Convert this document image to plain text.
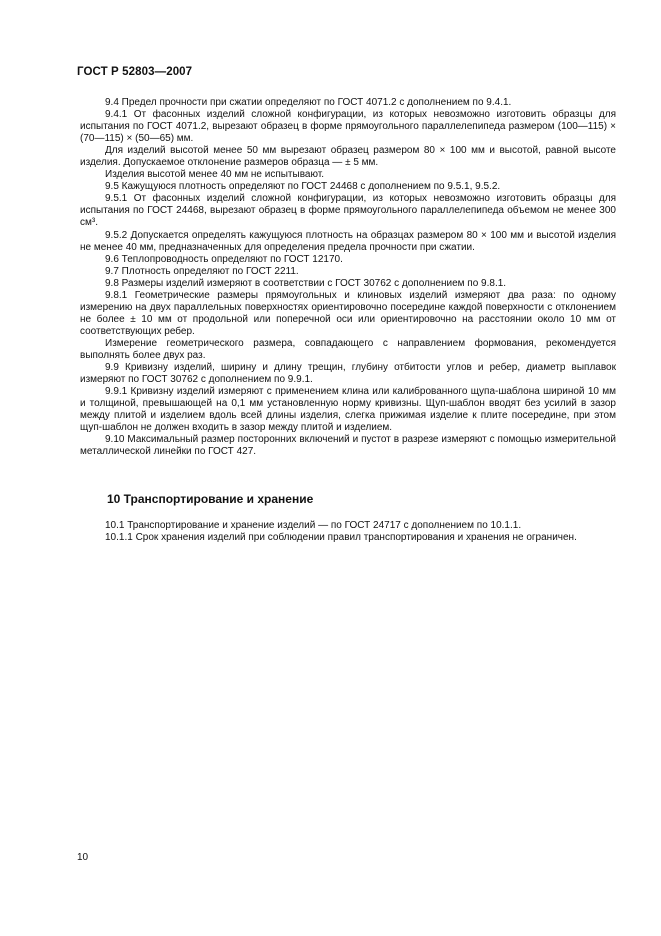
ГОСТ Р 52803—2007

9.4 Предел прочности при сжатии определяют по ГОСТ 4071.2 с дополнением по 9.4.1.

9.4.1 От фасонных изделий сложной конфигурации, из которых невозможно изготовить образцы для испытания по ГОСТ 4071.2, вырезают образец в форме прямоугольного параллелепипеда размером (100—115) × (70—115) × (50—65) мм.

Для изделий высотой менее 50 мм вырезают образец размером 80 × 100 мм и высотой, равной высоте изделия. Допускаемое отклонение размеров образца — ± 5 мм.

Изделия высотой менее 40 мм не испытывают.

9.5 Кажущуюся плотность определяют по ГОСТ 24468 с дополнением по 9.5.1, 9.5.2.

9.5.1 От фасонных изделий сложной конфигурации, из которых невозможно изготовить образцы для испытания по ГОСТ 24468, вырезают образец в форме прямоугольного параллелепипеда объемом не менее 300 см³.

9.5.2 Допускается определять кажущуюся плотность на образцах размером 80 × 100 мм и высотой изделия не менее 40 мм, предназначенных для определения предела прочности при сжатии.

9.6 Теплопроводность определяют по ГОСТ 12170.

9.7 Плотность определяют по ГОСТ 2211.

9.8 Размеры изделий измеряют в соответствии с ГОСТ 30762 с дополнением по 9.8.1.

9.8.1 Геометрические размеры прямоугольных и клиновых изделий измеряют два раза: по одному измерению на двух параллельных поверхностях ориентировочно посередине каждой поверхности с отклонением не более ± 10 мм от продольной или поперечной оси или ориентировочно на расстоянии около 10 мм от соответствующих ребер.

Измерение геометрического размера, совпадающего с направлением формования, рекомендуется выполнять более двух раз.

9.9 Кривизну изделий, ширину и длину трещин, глубину отбитости углов и ребер, диаметр выплавок измеряют по ГОСТ 30762 с дополнением по 9.9.1.

9.9.1 Кривизну изделий измеряют с применением клина или калиброванного щупа-шаблона шириной 10 мм и толщиной, превышающей на 0,1 мм установленную норму кривизны. Щуп-шаблон вводят без усилий в зазор между плитой и изделием вдоль всей длины изделия, слегка прижимая изделие к плите посередине, при этом щуп-шаблон не должен входить в зазор между плитой и изделием.

9.10 Максимальный размер посторонних включений и пустот в разрезе измеряют с помощью измерительной металлической линейки по ГОСТ 427.

10 Транспортирование и хранение

10.1 Транспортирование и хранение изделий — по ГОСТ 24717 с дополнением по 10.1.1.

10.1.1 Срок хранения изделий при соблюдении правил транспортирования и хранения не ограничен.

10
